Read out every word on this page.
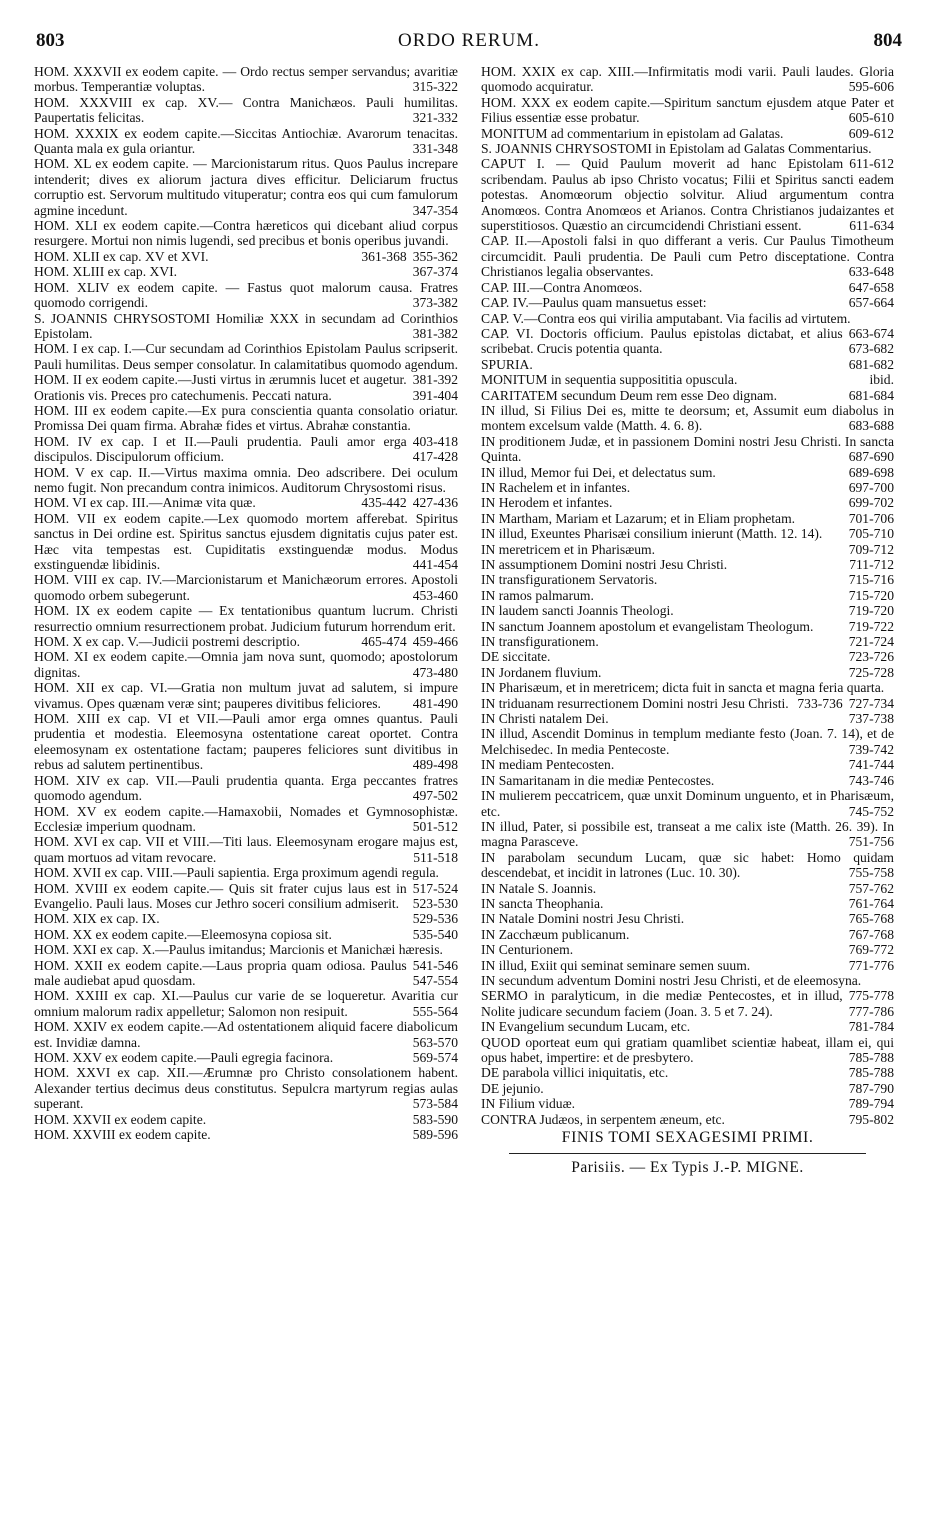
803	ORDO RERUM.	804

HOM. XXXVII ex eodem capite. — Ordo rectus semper servandus; avaritiæ morbus. Temperantiæ voluptas.	315-322

HOM. XXXVIII ex cap. XV.— Contra Manichæos. Pauli humilitas. Paupertatis felicitas.	321-332

HOM. XXXIX ex eodem capite.—Siccitas Antiochiæ. Avarorum tenacitas. Quanta mala ex gula oriantur.	331-348

HOM. XL ex eodem capite. — Marcionistarum ritus. Quos Paulus increpare intenderit; dives ex aliorum jactura dives efficitur. Deliciarum fructus corruptio est. Servorum multitudo vituperatur; contra eos qui cum famulorum agmine incedunt.	347-354

HOM. XLI ex eodem capite.—Contra hæreticos qui dicebant aliud corpus resurgere. Mortui non nimis lugendi, sed precibus et bonis operibus juvandi.
355-362

HOM. XLII ex cap. XV et XVI.	361-368

HOM. XLIII ex cap. XVI.	367-374

HOM. XLIV ex eodem capite. — Fastus quot malorum causa. Fratres quomodo corrigendi.	373-382

S. JOANNIS CHRYSOSTOMI Homiliæ XXX in secundam ad Corinthios Epistolam.	381-382

HOM. I ex cap. I.—Cur secundam ad Corinthios Epistolam Paulus scripserit. Pauli humilitas. Deus semper consolatur. In calamitatibus quomodo agendum.
381-392

HOM. II ex eodem capite.—Justi virtus in ærumnis lucet et augetur. Orationis vis. Preces pro catechumenis. Peccati natura.	391-404

HOM. III ex eodem capite.—Ex pura conscientia quanta consolatio oriatur. Promissa Dei quam firma. Abrahæ fides et virtus. Abrahæ constantia.
403-418

HOM. IV ex cap. I et II.—Pauli prudentia. Pauli amor erga discipulos. Discipulorum officium.	417-428

HOM. V ex cap. II.—Virtus maxima omnia. Deo adscribere. Dei oculum nemo fugit. Non precandum contra inimicos. Auditorum Chrysostomi risus.
427-436

HOM. VI ex cap. III.—Animæ vita quæ.	435-442

HOM. VII ex eodem capite.—Lex quomodo mortem afferebat. Spiritus sanctus in Dei ordine est. Spiritus sanctus ejusdem dignitatis cujus pater est. Hæc vita tempestas est. Cupiditatis exstinguendæ modus. Modus exstinguendæ libidinis.	441-454

HOM. VIII ex cap. IV.—Marcionistarum et Manichæorum errores. Apostoli quomodo orbem subegerunt.	453-460

HOM. IX ex eodem capite — Ex tentationibus quantum lucrum. Christi resurrectio omnium resurrectionem probat. Judicium futurum horrendum erit.
459-466

HOM. X ex cap. V.—Judicii postremi descriptio.	465-474

HOM. XI ex eodem capite.—Omnia jam nova sunt, quomodo; apostolorum dignitas.	473-480

HOM. XII ex cap. VI.—Gratia non multum juvat ad salutem, si impure vivamus. Opes quænam veræ sint; pauperes divitibus feliciores.	481-490

HOM. XIII ex cap. VI et VII.—Pauli amor erga omnes quantus. Pauli prudentia et modestia. Eleemosyna ostentatione careat oportet. Contra eleemosynam ex ostentatione factam; pauperes feliciores sunt divitibus in rebus ad salutem pertinentibus.	489-498

HOM. XIV ex cap. VII.—Pauli prudentia quanta. Erga peccantes fratres quomodo agendum.	497-502

HOM. XV ex eodem capite.—Hamaxobii, Nomades et Gymnosophistæ. Ecclesiæ imperium quodnam.	501-512

HOM. XVI ex cap. VII et VIII.—Titi laus. Eleemosynam erogare majus est, quam mortuos ad vitam revocare.	511-518

HOM. XVII ex cap. VIII.—Pauli sapientia. Erga proximum agendi regula.
517-524

HOM. XVIII ex eodem capite.— Quis sit frater cujus laus est in Evangelio. Pauli laus. Moses cur Jethro soceri consilium admiserit.	523-530

HOM. XIX ex cap. IX.	529-536

HOM. XX ex eodem capite.—Eleemosyna copiosa sit.	535-540

HOM. XXI ex cap. X.—Paulus imitandus; Marcionis et Manichæi hæresis.
541-546

HOM. XXII ex eodem capite.—Laus propria quam odiosa. Paulus male audiebat apud quosdam.	547-554

HOM. XXIII ex cap. XI.—Paulus cur varie de se loqueretur. Avaritia cur omnium malorum radix appelletur; Salomon non resipuit.	555-564

HOM. XXIV ex eodem capite.—Ad ostentationem aliquid facere diabolicum est. Invidiæ damna.	563-570

HOM. XXV ex eodem capite.—Pauli egregia facinora.	569-574

HOM. XXVI ex cap. XII.—Ærumnæ pro Christo consolationem habent. Alexander tertius decimus deus constitutus. Sepulcra martyrum regias aulas superant.	573-584

HOM. XXVII ex eodem capite.	583-590

HOM. XXVIII ex eodem capite.	589-596

HOM. XXIX ex cap. XIII.—Infirmitatis modi varii. Pauli laudes. Gloria quomodo acquiratur.	595-606

HOM. XXX ex eodem capite.—Spiritum sanctum ejusdem atque Pater et Filius essentiæ esse probatur.	605-610

MONITUM ad commentarium in epistolam ad Galatas.	609-612

S. JOANNIS CHRYSOSTOMI in Epistolam ad Galatas Commentarius.
611-612

CAPUT I. — Quid Paulum moverit ad hanc Epistolam scribendam. Paulus ab ipso Christo vocatus; Filii et Spiritus sancti eadem potestas. Anomœorum objectio solvitur. Aliud argumentum contra Anomœos. Contra Anomœos et Arianos. Contra Christianos judaizantes et superstitiosos. Quæstio an circumcidendi Christiani essent.	611-634

CAP. II.—Apostoli falsi in quo differant a veris. Cur Paulus Timotheum circumcidit. Pauli prudentia. De Pauli cum Petro disceptatione. Contra Christianos legalia observantes.	633-648

CAP. III.—Contra Anomœos.	647-658

CAP. IV.—Paulus quam mansuetus esset:	657-664

CAP. V.—Contra eos qui virilia amputabant. Via facilis ad virtutem.
663-674

CAP. VI. Doctoris officium. Paulus epistolas dictabat, et alius scribebat. Crucis potentia quanta.	673-682

SPURIA.	681-682

MONITUM in sequentia supposititia opuscula.	ibid.

CARITATEM secundum Deum rem esse Deo dignam.	681-684

IN illud, Si Filius Dei es, mitte te deorsum; et, Assumit eum diabolus in montem excelsum valde (Matth. 4. 6. 8).	683-688

IN proditionem Judæ, et in passionem Domini nostri Jesu Christi. In sancta Quinta.	687-690

IN illud, Memor fui Dei, et delectatus sum.	689-698

IN Rachelem et in infantes.	697-700

IN Herodem et infantes.	699-702

IN Martham, Mariam et Lazarum; et in Eliam prophetam.	701-706

IN illud, Exeuntes Pharisæi consilium inierunt (Matth. 12. 14).	705-710

IN meretricem et in Pharisæum.	709-712

IN assumptionem Domini nostri Jesu Christi.	711-712

IN transfigurationem Servatoris.	715-716

IN ramos palmarum.	715-720

IN laudem sancti Joannis Theologi.	719-720

IN sanctum Joannem apostolum et evangelistam Theologum.	719-722

IN transfigurationem.	721-724

DE siccitate.	723-726

IN Jordanem fluvium.	725-728

IN Pharisæum, et in meretricem; dicta fuit in sancta et magna feria quarta.
727-734

IN triduanam resurrectionem Domini nostri Jesu Christi. 733-736

IN Christi natalem Dei.	737-738

IN illud, Ascendit Dominus in templum mediante festo (Joan. 7. 14), et de Melchisedec. In media Pentecoste.	739-742

IN mediam Pentecosten.	741-744

IN Samaritanam in die mediæ Pentecostes.	743-746

IN mulierem peccatricem, quæ unxit Dominum unguento, et in Pharisæum, etc.	745-752

IN illud, Pater, si possibile est, transeat a me calix iste (Matth. 26. 39). In magna Parasceve.	751-756

IN parabolam secundum Lucam, quæ sic habet: Homo quidam descendebat, et incidit in latrones (Luc. 10. 30).	755-758

IN Natale S. Joannis.	757-762

IN sancta Theophania.	761-764

IN Natale Domini nostri Jesu Christi.	765-768

IN Zacchæum publicanum.	767-768

IN Centurionem.	769-772

IN illud, Exiit qui seminat seminare semen suum.	771-776

IN secundum adventum Domini nostri Jesu Christi, et de eleemosyna.
775-778

SERMO in paralyticum, in die mediæ Pentecostes, et in illud, Nolite judicare secundum faciem (Joan. 3. 5 et 7. 24).	777-786

IN Evangelium secundum Lucam, etc.	781-784

QUOD oporteat eum qui gratiam quamlibet scientiæ habeat, illam ei, qui opus habet, impertire: et de presbytero.	785-788

DE parabola villici iniquitatis, etc.	785-788

DE jejunio.	787-790

IN Filium viduæ.	789-794

CONTRA Judæos, in serpentem æneum, etc.	795-802

FINIS TOMI SEXAGESIMI PRIMI.
Parisiis. — Ex Typis J.-P. MIGNE.
